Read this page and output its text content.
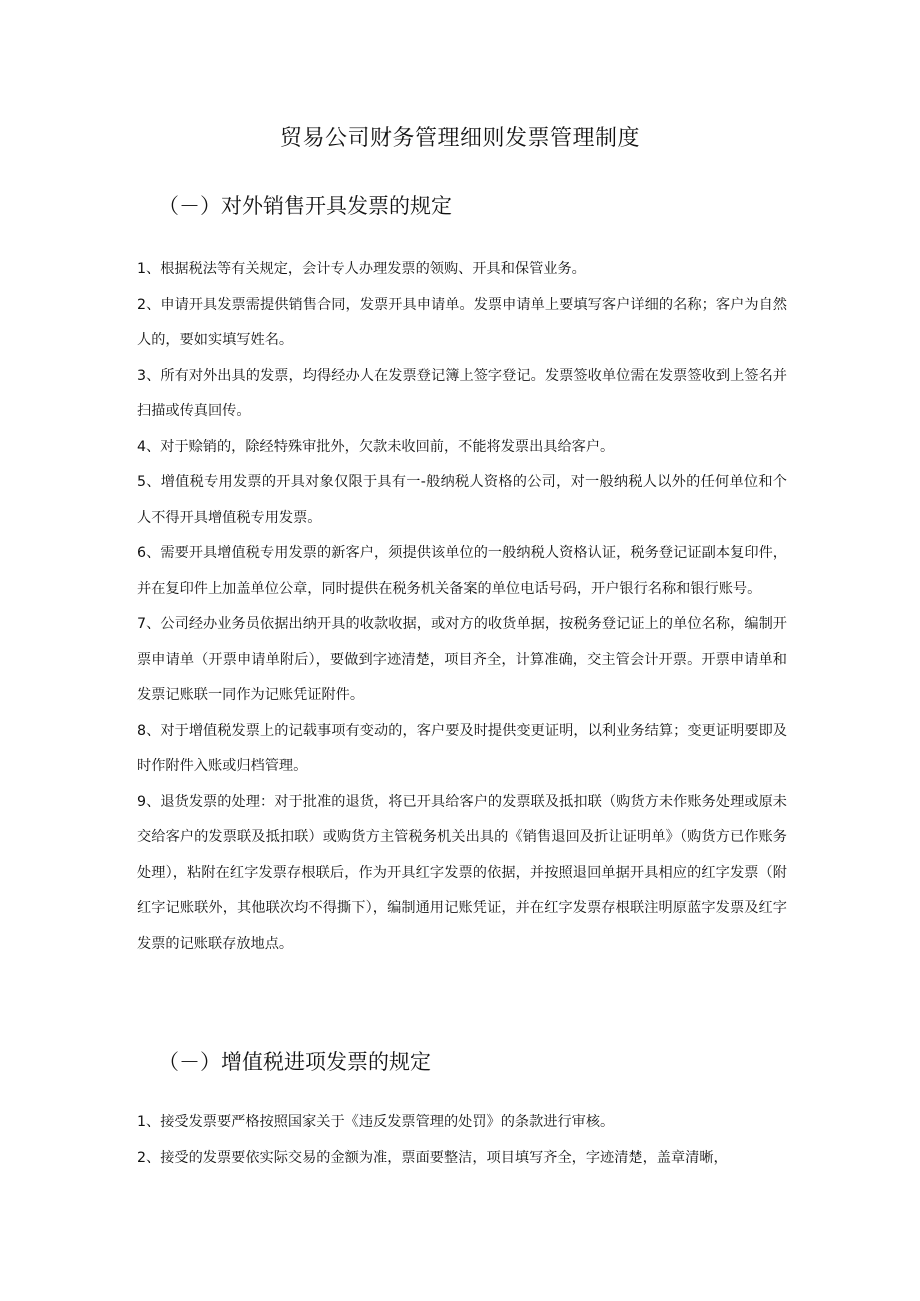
贸易公司财务管理细则发票管理制度
（－）对外销售开具发票的规定

1、根据税法等有关规定，会计专人办理发票的领购、开具和保管业务。

2、申请开具发票需提供销售合同，发票开具申请单。发票申请单上要填写客户详细的名称；客户为自然人的，要如实填写姓名。

3、所有对外出具的发票，均得经办人在发票登记簿上签字登记。发票签收单位需在发票签收到上签名并扫描或传真回传。

4、对于赊销的，除经特殊审批外，欠款未收回前，不能将发票出具给客户。

5、增值税专用发票的开具对象仅限于具有一-般纳税人资格的公司，对一般纳税人以外的任何单位和个人不得开具增值税专用发票。

6、需要开具增值税专用发票的新客户，须提供该单位的一般纳税人资格认证，税务登记证副本复印件，并在复印件上加盖单位公章，同时提供在税务机关备案的单位电话号码，开户银行名称和银行账号。

7、公司经办业务员依据出纳开具的收款收据，或对方的收货单据，按税务登记证上的单位名称，编制开票申请单（开票申请单附后），要做到字迹清楚，项目齐全，计算准确，交主管会计开票。开票申请单和发票记账联一同作为记账凭证附件。

8、对于增值税发票上的记载事项有变动的，客户要及时提供变更证明，以利业务结算；变更证明要即及时作附件入账或归档管理。

9、退货发票的处理：对于批准的退货，将已开具给客户的发票联及抵扣联（购货方未作账务处理或原未交给客户的发票联及抵扣联）或购货方主管税务机关出具的《销售退回及折让证明单》（购货方已作账务处理），粘附在红字发票存根联后，作为开具红字发票的依据，并按照退回单据开具相应的红字发票（附红字记账联外，其他联次均不得撕下），编制通用记账凭证，并在红字发票存根联注明原蓝字发票及红字发票的记账联存放地点。

（－）增值税进项发票的规定

1、接受发票要严格按照国家关于《违反发票管理的处罚》的条款进行审核。

2、接受的发票要依实际交易的金额为准，票面要整洁，项目填写齐全，字迹清楚，盖章清晰，
